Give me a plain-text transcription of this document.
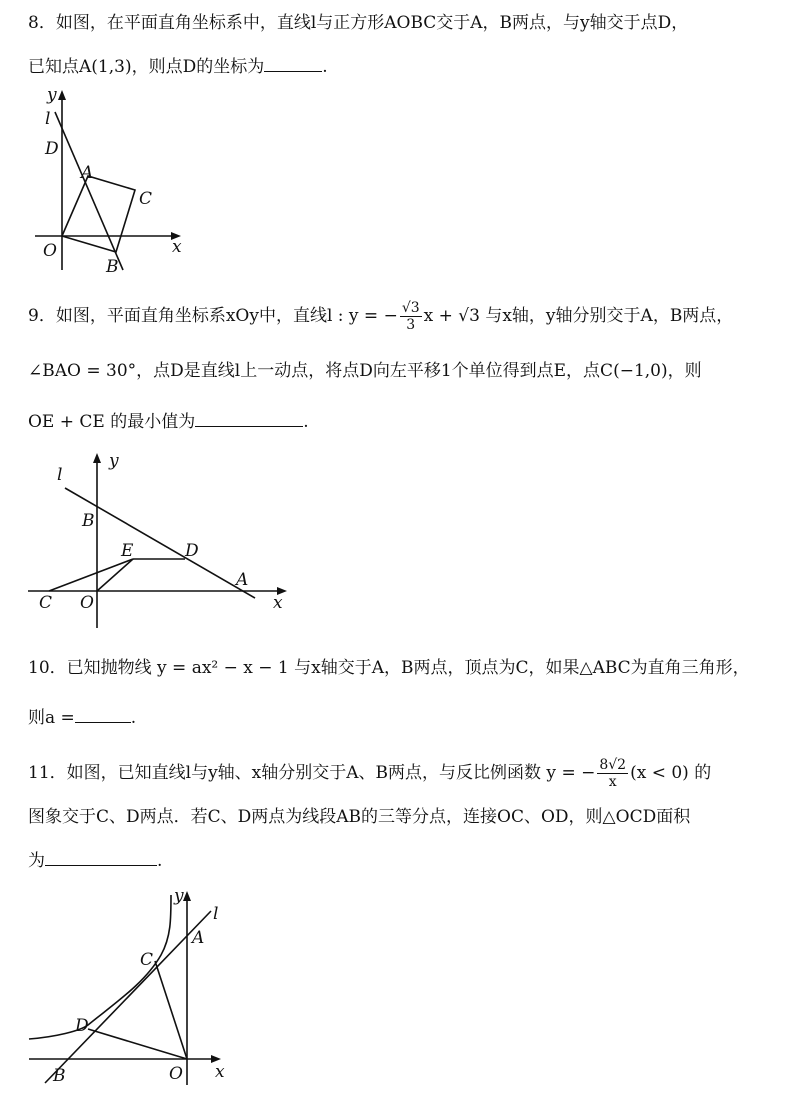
8．如图，在平面直角坐标系中，直线l与正方形AOBC交于A，B两点，与y轴交于点D，
已知点A(1,3)，则点D的坐标为	.
y
l
D
A
C
O
B
x
9．如图，平面直角坐标系xOy中，直线l : y = − $\frac{√3}{3}$ x + √3 与x轴，y轴分别交于A，B两点，
∠BAO = 30°，点D是直线l上一动点，将点D向左平移1个单位得到点E，点C(−1,0)，则
OE + CE 的最小值为	.
y
l
B
E	D
A
C O	x
10．已知抛物线 y = ax² − x − 1 与x轴交于A，B两点，顶点为C，如果△ABC为直角三角形，
则a =	.
11．如图，已知直线l与y轴、x轴分别交于A、B两点，与反比例函数 y = − $\frac{8√2}{x} (x < 0)$ 的
图象交于C、D两点．若C、D两点为线段AB的三等分点，连接OC、OD，则△OCD面积
为	.
y
l
A
C
D
B	O x
